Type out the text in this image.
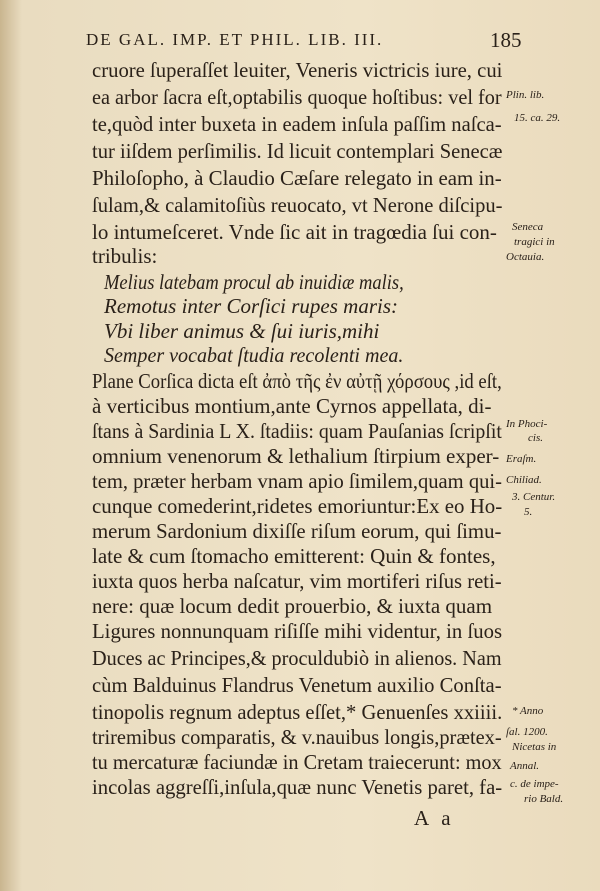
DE GAL. IMP. ET PHIL. LIB. III.	185
cruore ſuperaſſet leuiter, Veneris victricis iure, cui
ea arbor ſacra eſt,optabilis quoque hoſtibus: vel for
te,quòd inter buxeta in eadem inſula paſſim naſca-
tur iiſdem perſimilis. Id licuit contemplari Senecæ
Philoſopho, à Claudio Cæſare relegato in eam in-
ſulam,& calamitoſiùs reuocato, vt Nerone diſcipu-
lo intumeſceret. Vnde ſic ait in tragœdia ſui con-
tribulis:
Melius latebam procul ab inuidiæ malis,
Remotus inter Corſici rupes maris:
Vbi liber animus & ſui iuris,mihi
Semper vocabat ſtudia recolenti mea.
Plane Corſica dicta eſt ἀπὸ τῆς ἐν αὐτῇ χόρσους ,id eſt,
à verticibus montium,ante Cyrnos appellata, di-
ſtans à Sardinia L X. ſtadiis: quam Pauſanias ſcripſit
omnium venenorum & lethalium ſtirpium exper-
tem, præter herbam vnam apio ſimilem,quam qui-
cunque comederint,ridetes emoriuntur:Ex eo Ho-
merum Sardonium dixiſſe riſum eorum, qui ſimu-
late & cum ſtomacho emitterent: Quin & fontes,
iuxta quos herba naſcatur, vim mortiferi riſus reti-
nere: quæ locum dedit prouerbio, & iuxta quam
Ligures nonnunquam riſiſſe mihi videntur, in ſuos
Duces ac Principes,& proculdubiò in alienos. Nam
cùm Balduinus Flandrus Venetum auxilio Conſta-
tinopolis regnum adeptus eſſet,* Genuenſes xxiiii.
triremibus comparatis, & v.nauibus longis,prætex-
tu mercaturæ faciundæ in Cretam traiecerunt: mox
incolas aggreſſi,inſula,quæ nunc Venetis paret, fa-
Plin. lib.
15. ca. 29.
Seneca
tragici in
Octauia.
In Phoci-
cis.
Eraſm.
Chiliad.
3. Centur.
5.
* Anno
ſal. 1200.
Nicetas in
Annal.
c. de impe-
rio Bald.
A a
